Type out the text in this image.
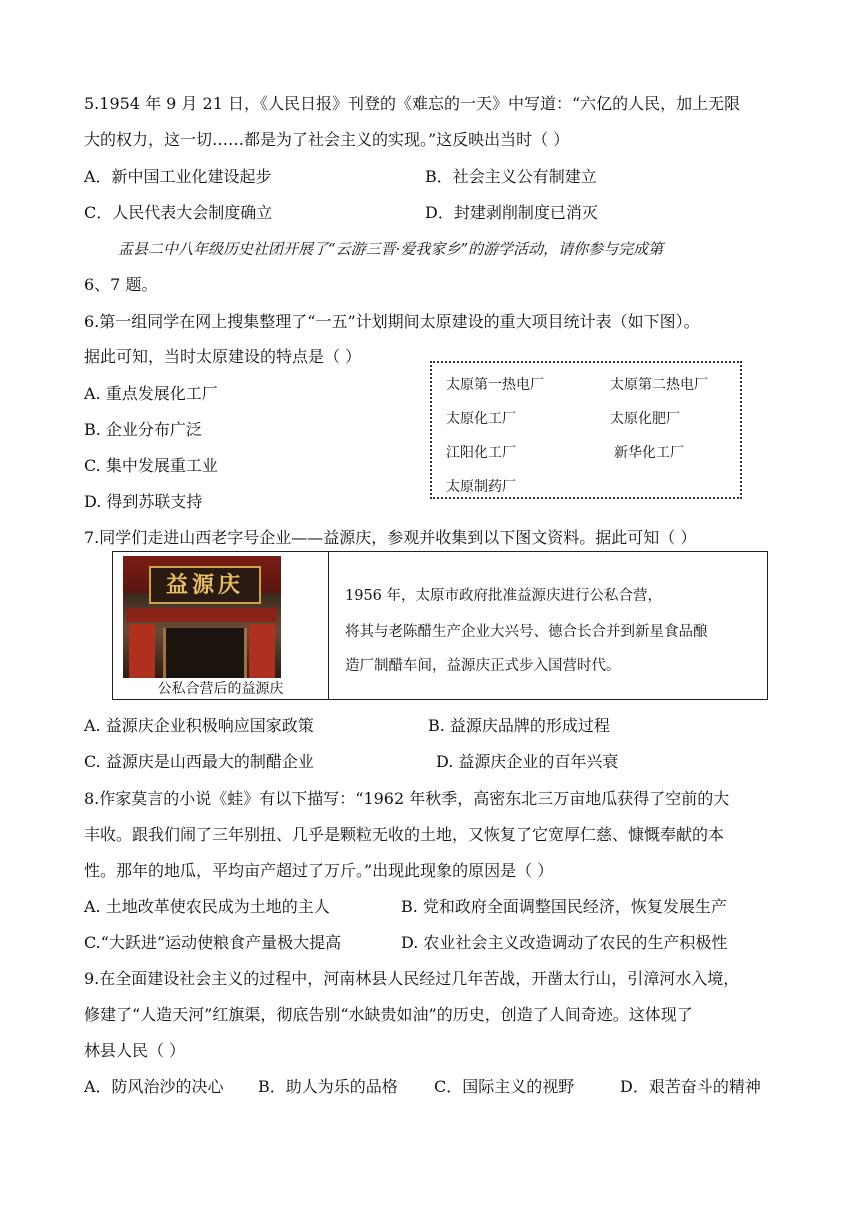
5.1954 年 9 月 21 日，《人民日报》刊登的《难忘的一天》中写道：“六亿的人民，加上无限
大的权力，这一切……都是为了社会主义的实现。”这反映出当时（ ）
A．新中国工业化建设起步	B．社会主义公有制建立
C．人民代表大会制度确立	D．封建剥削制度已消灭
盂县二中八年级历史社团开展了“云游三晋·爱我家乡”的游学活动，请你参与完成第
6、7 题。
6.第一组同学在网上搜集整理了“一五”计划期间太原建设的重大项目统计表（如下图）。
据此可知，当时太原建设的特点是（ ）
A. 重点发展化工厂
B. 企业分布广泛
C. 集中发展重工业
D. 得到苏联支持
太原第一热电厂	太原第二热电厂
太原化工厂	太原化肥厂
江阳化工厂	新华化工厂
太原制药厂
7.同学们走进山西老字号企业——益源庆，参观并收集到以下图文资料。据此可知（ ）
益源庆
公私合营后的益源庆
1956 年，太原市政府批准益源庆进行公私合营，
将其与老陈醋生产企业大兴号、德合长合并到新星食品酿
造厂制醋车间，益源庆正式步入国营时代。
A. 益源庆企业积极响应国家政策	B. 益源庆品牌的形成过程
C. 益源庆是山西最大的制醋企业	D. 益源庆企业的百年兴衰
8.作家莫言的小说《蛙》有以下描写：“1962 年秋季，高密东北三万亩地瓜获得了空前的大
丰收。跟我们闹了三年别扭、几乎是颗粒无收的土地，又恢复了它宽厚仁慈、慷慨奉献的本
性。那年的地瓜，平均亩产超过了万斤。”出现此现象的原因是（ ）
A. 土地改革使农民成为土地的主人	B. 党和政府全面调整国民经济，恢复发展生产
C.“大跃进”运动使粮食产量极大提高	D. 农业社会主义改造调动了农民的生产积极性
9.在全面建设社会主义的过程中，河南林县人民经过几年苦战，开凿太行山，引漳河水入境，
修建了“人造天河”红旗渠，彻底告别“水缺贵如油”的历史，创造了人间奇迹。这体现了
林县人民（ ）
A．防风治沙的决心 B．助人为乐的品格 C．国际主义的视野	D．艰苦奋斗的精神
